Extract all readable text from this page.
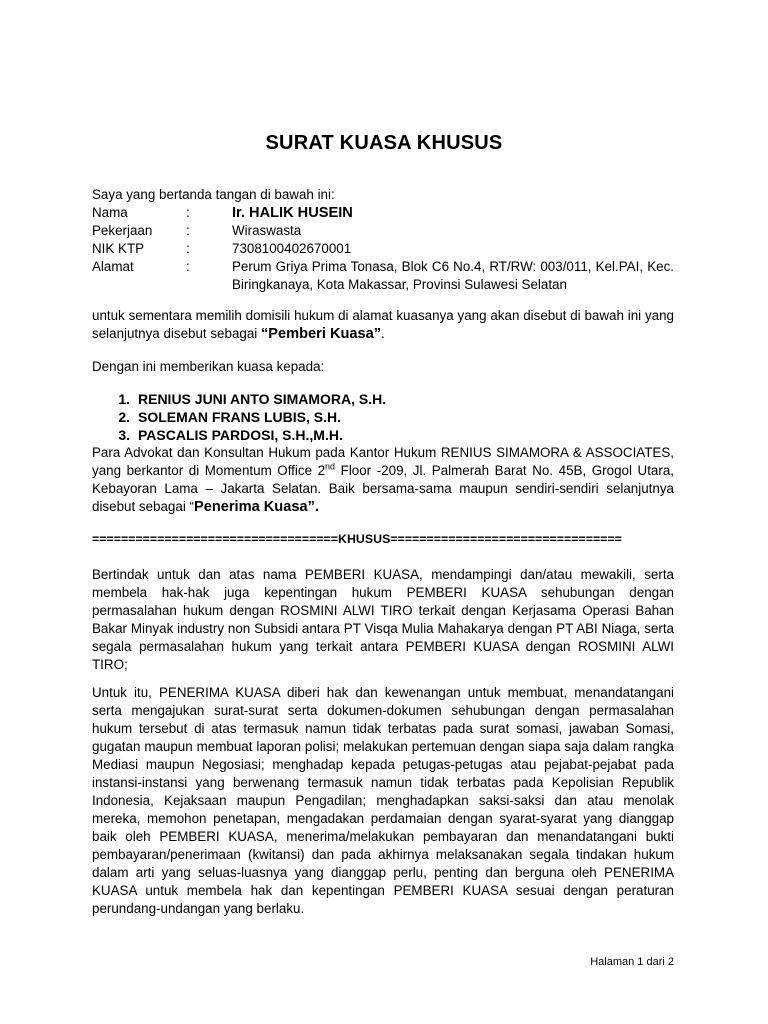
SURAT KUASA KHUSUS
Saya yang bertanda tangan di bawah ini:
Nama	:	Ir. HALIK HUSEIN
Pekerjaan	:	Wiraswasta
NIK KTP	:	7308100402670001
Alamat	:	Perum Griya Prima Tonasa, Blok C6 No.4, RT/RW: 003/011, Kel.PAI, Kec. Biringkanaya, Kota Makassar, Provinsi Sulawesi Selatan
untuk sementara memilih domisili hukum di alamat kuasanya yang akan disebut di bawah ini yang selanjutnya disebut sebagai “Pemberi Kuasa”.
Dengan ini memberikan kuasa kepada:
1. RENIUS JUNI ANTO SIMAMORA, S.H.
2. SOLEMAN FRANS LUBIS, S.H.
3. PASCALIS PARDOSI, S.H.,M.H.
Para Advokat dan Konsultan Hukum pada Kantor Hukum RENIUS SIMAMORA & ASSOCIATES, yang berkantor di Momentum Office 2nd Floor -209, Jl. Palmerah Barat No. 45B, Grogol Utara, Kebayoran Lama – Jakarta Selatan. Baik bersama-sama maupun sendiri-sendiri selanjutnya disebut sebagai “Penerima Kuasa”.
==================================KHUSUS================================
Bertindak untuk dan atas nama PEMBERI KUASA, mendampingi dan/atau mewakili, serta membela hak-hak juga kepentingan hukum PEMBERI KUASA sehubungan dengan permasalahan hukum dengan ROSMINI ALWI TIRO terkait dengan Kerjasama Operasi Bahan Bakar Minyak industry non Subsidi antara PT Visqa Mulia Mahakarya dengan PT ABI Niaga, serta segala permasalahan hukum yang terkait antara PEMBERI KUASA dengan ROSMINI ALWI TIRO;
Untuk itu, PENERIMA KUASA diberi hak dan kewenangan untuk membuat, menandatangani serta mengajukan surat-surat serta dokumen-dokumen sehubungan dengan permasalahan hukum tersebut di atas termasuk namun tidak terbatas pada surat somasi, jawaban Somasi, gugatan maupun membuat laporan polisi; melakukan pertemuan dengan siapa saja dalam rangka Mediasi maupun Negosiasi; menghadap kepada petugas-petugas atau pejabat-pejabat pada instansi-instansi yang berwenang termasuk namun tidak terbatas pada Kepolisian Republik Indonesia, Kejaksaan maupun Pengadilan; menghadapkan saksi-saksi dan atau menolak mereka, memohon penetapan, mengadakan perdamaian dengan syarat-syarat yang dianggap baik oleh PEMBERI KUASA, menerima/melakukan pembayaran dan menandatangani bukti pembayaran/penerimaan (kwitansi) dan pada akhirnya melaksanakan segala tindakan hukum dalam arti yang seluas-luasnya yang dianggap perlu, penting dan berguna oleh PENERIMA KUASA untuk membela hak dan kepentingan PEMBERI KUASA sesuai dengan peraturan perundang-undangan yang berlaku.
Halaman 1 dari 2
